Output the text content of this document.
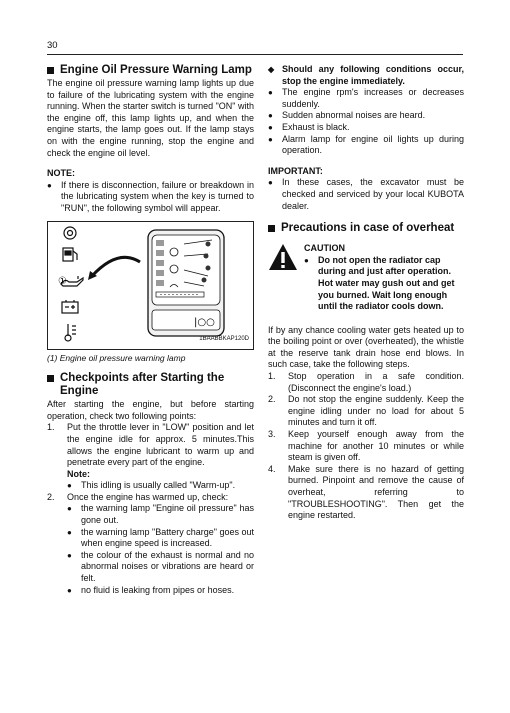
30
Engine Oil Pressure Warning Lamp

The engine oil pressure warning lamp lights up due to failure of the lubricating system with the engine running. When the starter switch is turned "ON" with the engine off, this lamp lights up, and when the engine starts, the lamp goes out. If the lamp stays on with the engine running, stop the engine and check the engine oil level.

NOTE:
●	If there is disconnection, failure or breakdown in the lubricating system when the key is turned to "RUN", the following symbol will appear.
①
|○○
1BAABBKAP120D
(1) Engine oil pressure warning lamp
Checkpoints after Starting the Engine

After starting the engine, but before starting operation, check two following points:

1.	Put the throttle lever in "LOW" position and let the engine idle for approx. 5 minutes.This allows the engine lubricant to warm up and penetrate every part of the engine.
Note:
●	This idling is usually called "Warm-up".
2.	Once the engine has warmed up, check:
●	the warning lamp "Engine oil pressure" has gone out.
●	the warning lamp "Battery charge" goes out when engine speed is increased.
●	the colour of the exhaust is normal and no abnormal noises or vibrations are heard or felt.
●	no fluid is leaking from pipes or hoses.
◆ Should any following conditions occur, stop the engine immediately.
●	The engine rpm's increases or decreases suddenly.
●	Sudden abnormal noises are heard.
●	Exhaust is black.
●	Alarm lamp for engine oil lights up during operation.
IMPORTANT:
●	In these cases, the excavator must be checked and serviced by your local KUBOTA dealer.
Precautions in case of overheat
CAUTION
●	Do not open the radiator cap during and just after operation. Hot water may gush out and get you burned. Wait long enough until the radiator cools down.

If by any chance cooling water gets heated up to the boiling point or over (overheated), the whistle at the reserve tank drain hose end blows. In such case, take the following steps.

1.	Stop operation in a safe condition. (Disconnect the engine's load.)
2.	Do not stop the engine suddenly. Keep the engine idling under no load for about 5 minutes and turn it off.
3.	Keep yourself enough away from the machine for another 10 minutes or while steam is given off.
4.	Make sure there is no hazard of getting burned. Pinpoint and remove the cause of overheat, referring to "TROUBLESHOOTING". Then get the engine restarted.
